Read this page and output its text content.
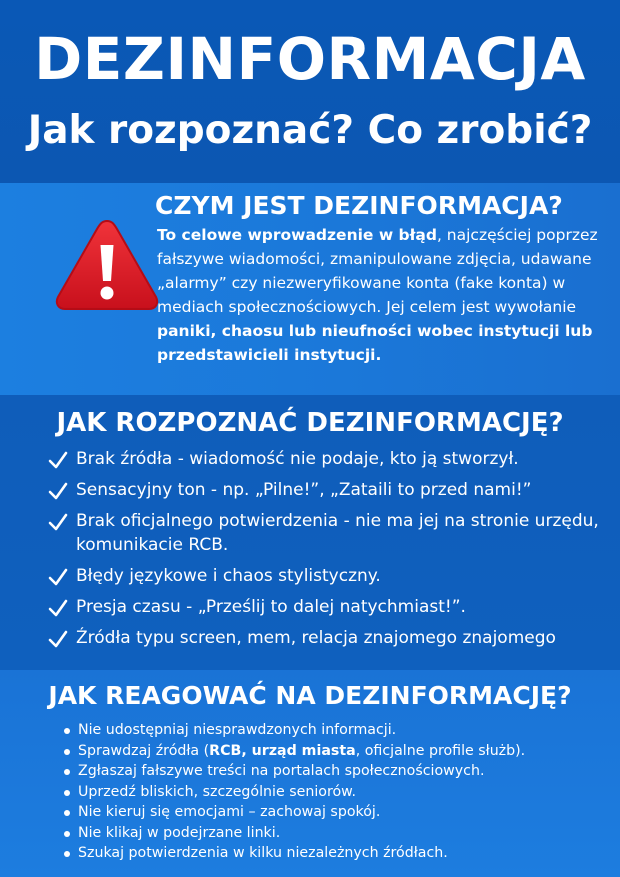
DEZINFORMACJA
Jak rozpoznać? Co zrobić?
CZYM JEST DEZINFORMACJA?
To celowe wprowadzenie w błąd, najczęściej poprzez fałszywe wiadomości, zmanipulowane zdjęcia, udawane „alarmy” czy niezweryfikowane konta (fake konta) w mediach społecznościowych. Jej celem jest wywołanie paniki, chaosu lub nieufności wobec instytucji lub przedstawicieli instytucji.
JAK ROZPOZNAĆ DEZINFORMACJĘ?
Brak źródła - wiadomość nie podaje, kto ją stworzył.
Sensacyjny ton - np. „Pilne!”, „Zataili to przed nami!”
Brak oficjalnego potwierdzenia - nie ma jej na stronie urzędu, komunikacie RCB.
Błędy językowe i chaos stylistyczny.
Presja czasu - „Prześlij to dalej natychmiast!”.
Źródła typu screen, mem, relacja znajomego znajomego
JAK REAGOWAĆ NA DEZINFORMACJĘ?
Nie udostępniaj niesprawdzonych informacji.
Sprawdzaj źródła (RCB, urząd miasta, oficjalne profile służb).
Zgłaszaj fałszywe treści na portalach społecznościowych.
Uprzedź bliskich, szczególnie seniorów.
Nie kieruj się emocjami – zachowaj spokój.
Nie klikaj w podejrzane linki.
Szukaj potwierdzenia w kilku niezależnych źródłach.
